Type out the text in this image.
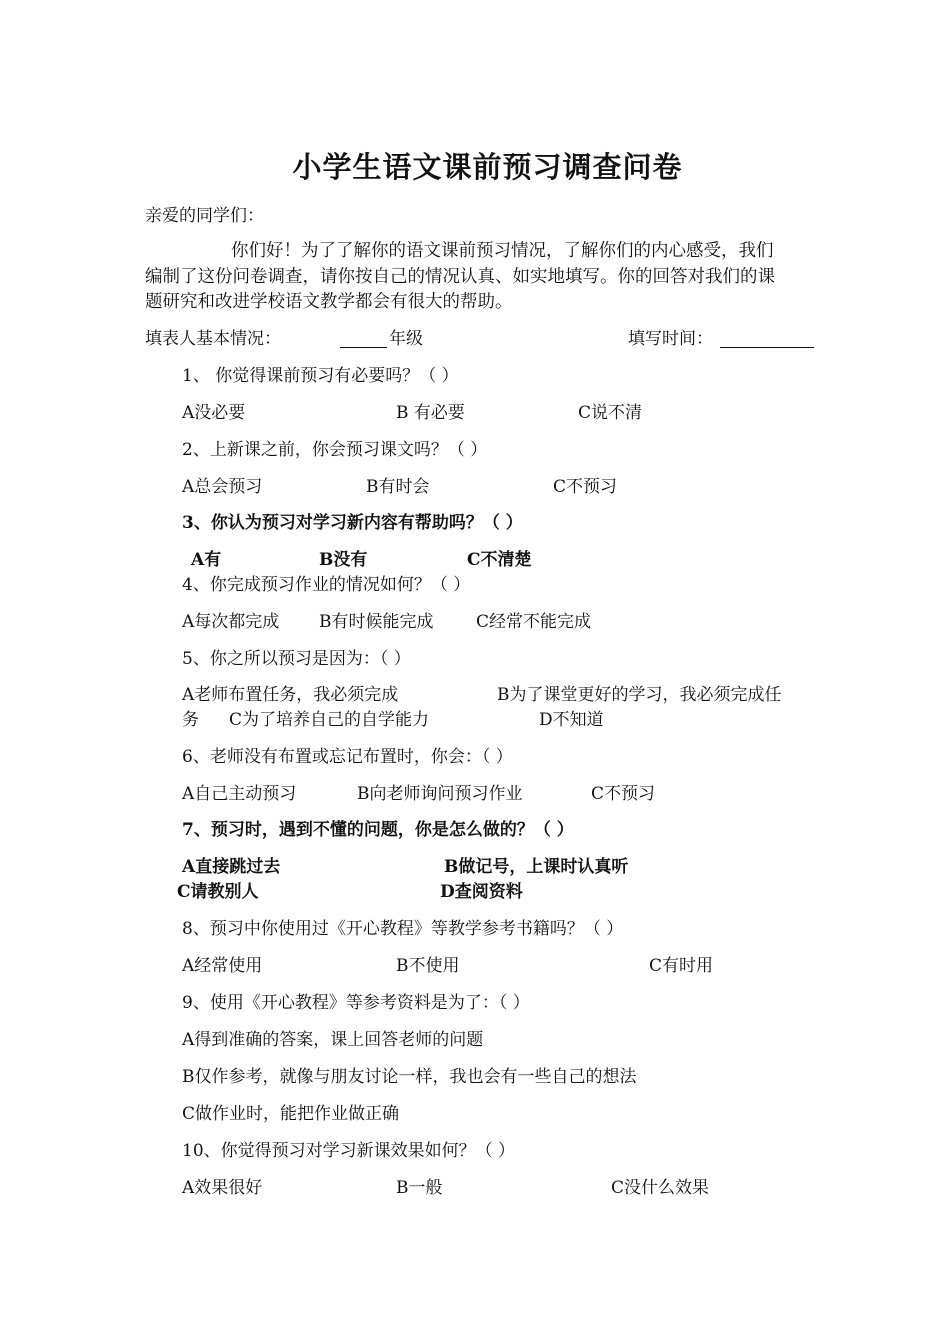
小学生语文课前预习调查问卷
亲爱的同学们：
你们好！为了了解你的语文课前预习情况，了解你们的内心感受，我们
编制了这份问卷调查，请你按自己的情况认真、如实地填写。你的回答对我们的课
题研究和改进学校语文教学都会有很大的帮助。
填表人基本情况：	年级	填写时间：
1、 你觉得课前预习有必要吗？（ ）
A没必要	B 有必要	C说不清
2、上新课之前，你会预习课文吗？（ ）
A总会预习	B有时会	C不预习
3、你认为预习对学习新内容有帮助吗？（ ）
A有	B没有	C不清楚
4、你完成预习作业的情况如何？（ ）
A每次都完成 B有时候能完成	C经常不能完成
5、你之所以预习是因为：（ ）
A老师布置任务，我必须完成	B为了课堂更好的学习，我必须完成任
务 C为了培养自己的自学能力	D不知道
6、老师没有布置或忘记布置时，你会：（ ）
A自己主动预习	B向老师询问预习作业	C不预习
7、预习时，遇到不懂的问题，你是怎么做的？（ ）
A直接跳过去	B做记号，上课时认真听
C请教别人	D查阅资料
8、预习中你使用过《开心教程》等教学参考书籍吗？（ ）
A经常使用	B不使用	C有时用
9、使用《开心教程》等参考资料是为了：（ ）
A得到准确的答案，课上回答老师的问题
B仅作参考，就像与朋友讨论一样，我也会有一些自己的想法
C做作业时，能把作业做正确
10、你觉得预习对学习新课效果如何？（ ）
A效果很好	B一般	C没什么效果
